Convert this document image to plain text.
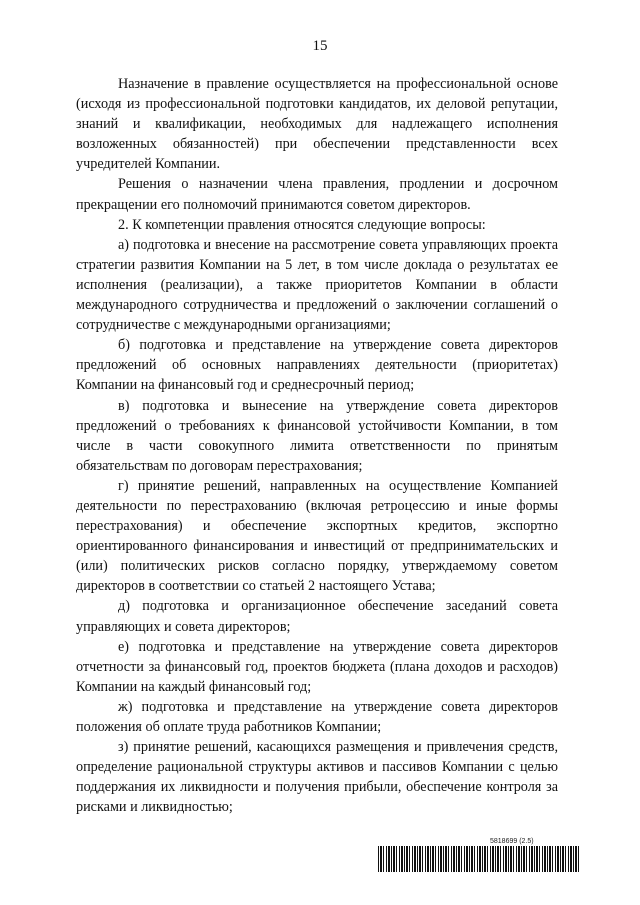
15

Назначение в правление осуществляется на профессиональной основе (исходя из профессиональной подготовки кандидатов, их деловой репутации, знаний и квалификации, необходимых для надлежащего исполнения возложенных обязанностей) при обеспечении представленности всех учредителей Компании.

Решения о назначении члена правления, продлении и досрочном прекращении его полномочий принимаются советом директоров.

2. К компетенции правления относятся следующие вопросы:

а) подготовка и внесение на рассмотрение совета управляющих проекта стратегии развития Компании на 5 лет, в том числе доклада о результатах ее исполнения (реализации), а также приоритетов Компании в области международного сотрудничества и предложений о заключении соглашений о сотрудничестве с международными организациями;

б) подготовка и представление на утверждение совета директоров предложений об основных направлениях деятельности (приоритетах) Компании на финансовый год и среднесрочный период;

в) подготовка и вынесение на утверждение совета директоров предложений о требованиях к финансовой устойчивости Компании, в том числе в части совокупного лимита ответственности по принятым обязательствам по договорам перестрахования;

г) принятие решений, направленных на осуществление Компанией деятельности по перестрахованию (включая ретроцессию и иные формы перестрахования) и обеспечение экспортных кредитов, экспортно ориентированного финансирования и инвестиций от предпринимательских и (или) политических рисков согласно порядку, утверждаемому советом директоров в соответствии со статьей 2 настоящего Устава;

д) подготовка и организационное обеспечение заседаний совета управляющих и совета директоров;

е) подготовка и представление на утверждение совета директоров отчетности за финансовый год, проектов бюджета (плана доходов и расходов) Компании на каждый финансовый год;

ж) подготовка и представление на утверждение совета директоров положения об оплате труда работников Компании;

з) принятие решений, касающихся размещения и привлечения средств, определение рациональной структуры активов и пассивов Компании с целью поддержания их ликвидности и получения прибыли, обеспечение контроля за рисками и ликвидностью;

5818699 (2.5)
